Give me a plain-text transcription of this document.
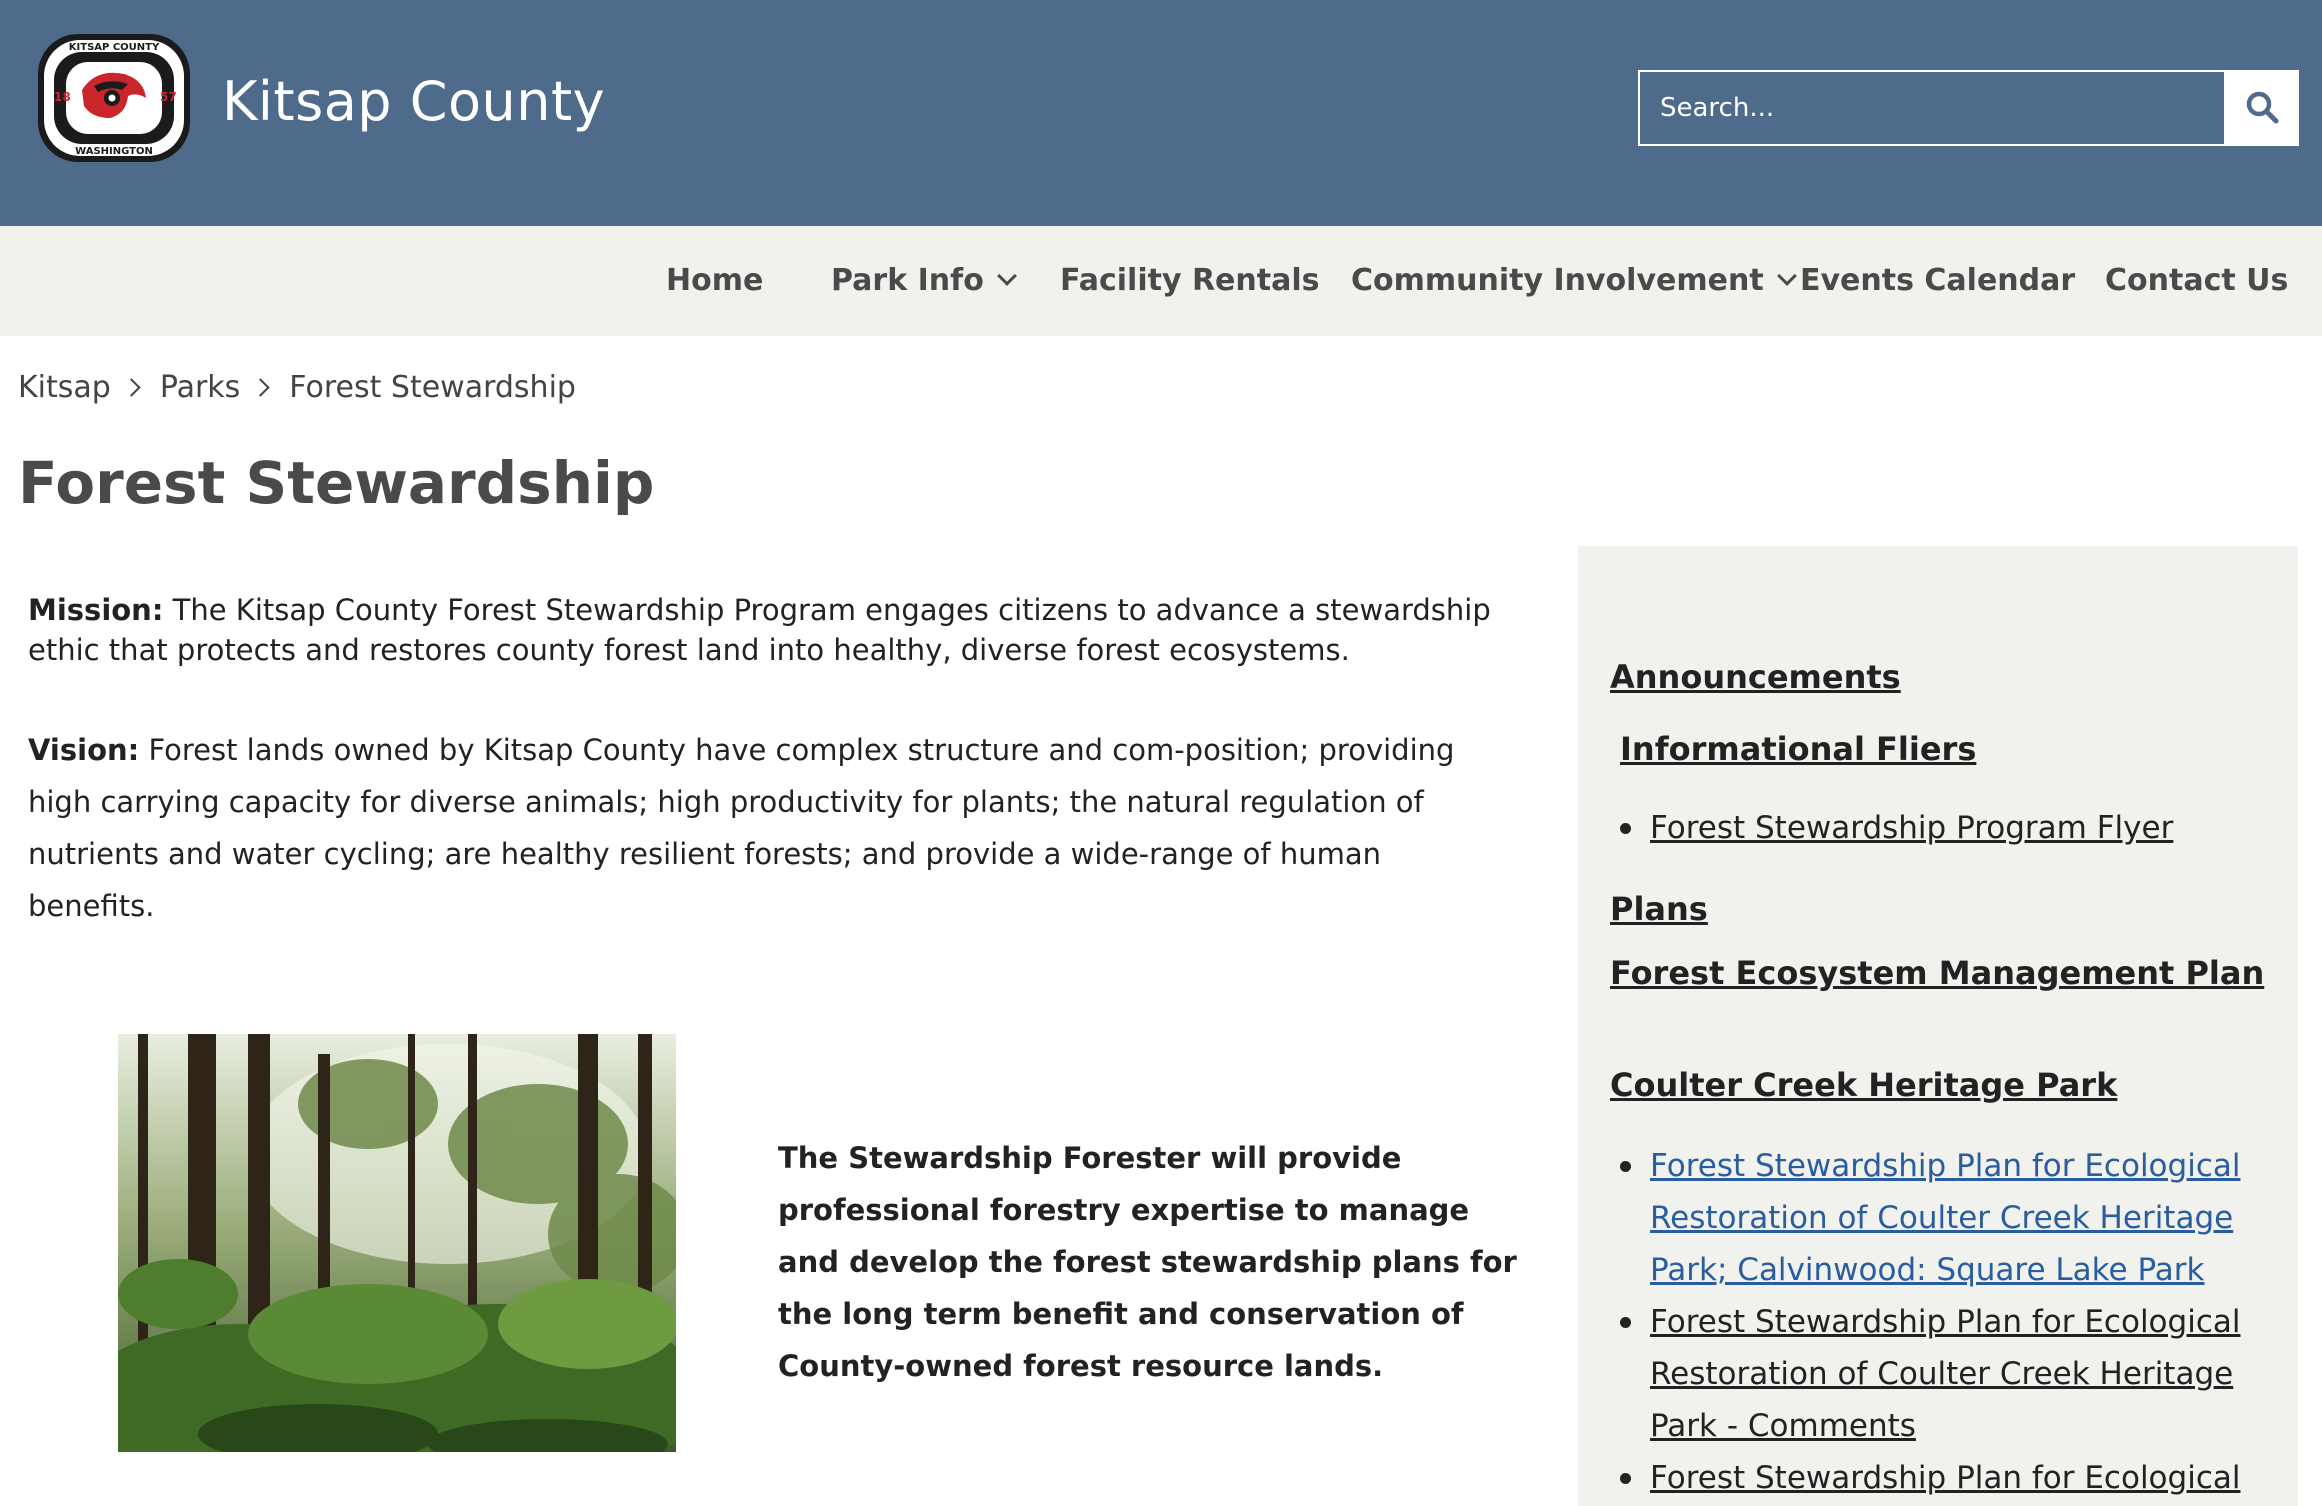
18	57
KITSAP COUNTY
WASHINGTON
Kitsap County
Search...
Home Park Info	Facility Rentals Community Involvement	Events Calendar Contact Us
Kitsap Parks Forest Stewardship
Forest Stewardship
Mission: The Kitsap County Forest Stewardship Program engages citizens to advance a stewardship ethic that protects and restores county forest land into healthy, diverse forest ecosystems.
Vision: Forest lands owned by Kitsap County have complex structure and com-position; providing high carrying capacity for diverse animals; high productivity for plants; the natural regulation of nutrients and water cycling; are healthy resilient forests; and provide a wide-range of human benefits.
The Stewardship Forester will provide professional forestry expertise to manage and develop the forest stewardship plans for the long term benefit and conservation of County-owned forest resource lands.
Announcements
Informational Fliers
Forest Stewardship Program Flyer
Plans
Forest Ecosystem Management Plan
Coulter Creek Heritage Park
Forest Stewardship Plan for Ecological Restoration of Coulter Creek Heritage Park; Calvinwood: Square Lake Park
Forest Stewardship Plan for Ecological Restoration of Coulter Creek Heritage Park - Comments
Forest Stewardship Plan for Ecological
